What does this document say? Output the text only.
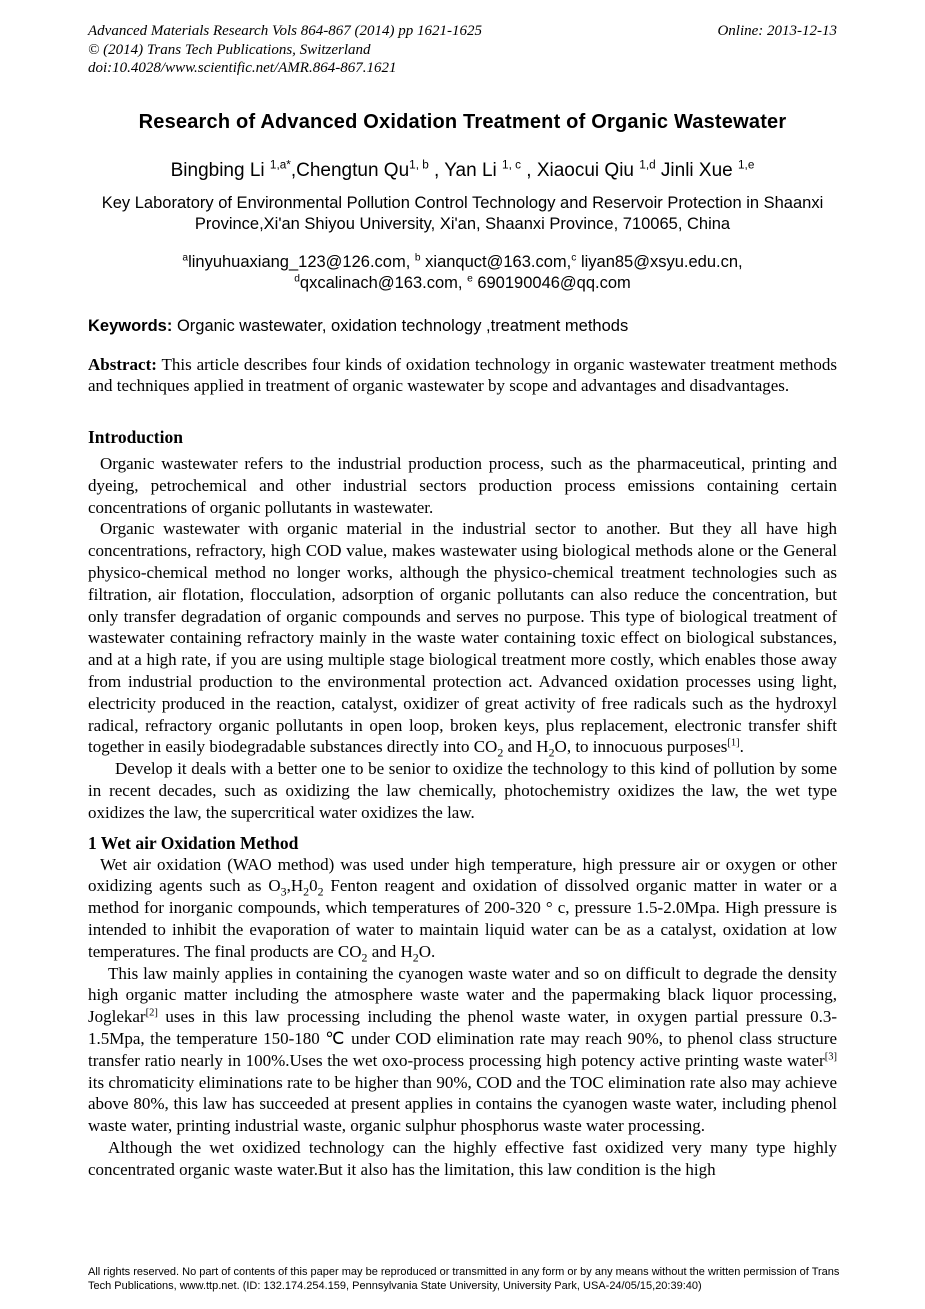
Advanced Materials Research Vols 864-867 (2014) pp 1621-1625	Online: 2013-12-13
© (2014) Trans Tech Publications, Switzerland
doi:10.4028/www.scientific.net/AMR.864-867.1621
Research of Advanced Oxidation Treatment of Organic Wastewater
Bingbing Li $^{1,a*}$,Chengtun Qu$^{1, b}$ , Yan Li $^{1, c}$ , Xiaocui Qiu $^{1,d}$ Jinli Xue $^{1,e}$
Key Laboratory of Environmental Pollution Control Technology and Reservoir Protection in Shaanxi
Province,Xi'an Shiyou University, Xi'an, Shaanxi Province, 710065, China
$^a$linyuhuaxiang_123@126.com, $^b$ xianquct@163.com,$^c$ liyan85@xsyu.edu.cn,
$^d$qxcalinach@163.com, $^e$ 690190046@qq.com
Keywords: Organic wastewater, oxidation technology ,treatment methods

Abstract: This article describes four kinds of oxidation technology in organic wastewater treatment methods and techniques applied in treatment of organic wastewater by scope and advantages and disadvantages.

Introduction

Organic wastewater refers to the industrial production process, such as the pharmaceutical, printing and dyeing, petrochemical and other industrial sectors production process emissions containing certain concentrations of organic pollutants in wastewater.

Organic wastewater with organic material in the industrial sector to another. But they all have high concentrations, refractory, high COD value, makes wastewater using biological methods alone or the General physico-chemical method no longer works, although the physico-chemical treatment technologies such as filtration, air flotation, flocculation, adsorption of organic pollutants can also reduce the concentration, but only transfer degradation of organic compounds and serves no purpose. This type of biological treatment of wastewater containing refractory mainly in the waste water containing toxic effect on biological substances, and at a high rate, if you are using multiple stage biological treatment more costly, which enables those away from industrial production to the environmental protection act. Advanced oxidation processes using light, electricity produced in the reaction, catalyst, oxidizer of great activity of free radicals such as the hydroxyl radical, refractory organic pollutants in open loop, broken keys, plus replacement, electronic transfer shift together in easily biodegradable substances directly into $CO_2$ and $H_2O$, to innocuous purposes[1].

Develop it deals with a better one to be senior to oxidize the technology to this kind of pollution by some in recent decades, such as oxidizing the law chemically, photochemistry oxidizes the law, the wet type oxidizes the law, the supercritical water oxidizes the law.

1 Wet air Oxidation Method

Wet air oxidation (WAO method) was used under high temperature, high pressure air or oxygen or other oxidizing agents such as $O_3,H_20_2$ Fenton reagent and oxidation of dissolved organic matter in water or a method for inorganic compounds, which temperatures of 200-320 ° c, pressure 1.5-2.0Mpa. High pressure is intended to inhibit the evaporation of water to maintain liquid water can be as a catalyst, oxidation at low temperatures. The final products are $CO_2$ and $H_2O$.

This law mainly applies in containing the cyanogen waste water and so on difficult to degrade the density high organic matter including the atmosphere waste water and the papermaking black liquor processing, Joglekar[2] uses in this law processing including the phenol waste water, in oxygen partial pressure 0.3-1.5Mpa, the temperature 150-180 ℃ under COD elimination rate may reach 90%, to phenol class structure transfer ratio nearly in 100%.Uses the wet oxo-process processing high potency active printing waste water[3] its chromaticity eliminations rate to be higher than 90%, COD and the TOC elimination rate also may achieve above 80%, this law has succeeded at present applies in contains the cyanogen waste water, including phenol waste water, printing industrial waste, organic sulphur phosphorus waste water processing.

Although the wet oxidized technology can the highly effective fast oxidized very many type highly concentrated organic waste water.But it also has the limitation, this law condition is the high

All rights reserved. No part of contents of this paper may be reproduced or transmitted in any form or by any means without the written permission of Trans
Tech Publications, www.ttp.net. (ID: 132.174.254.159, Pennsylvania State University, University Park, USA-24/05/15,20:39:40)
